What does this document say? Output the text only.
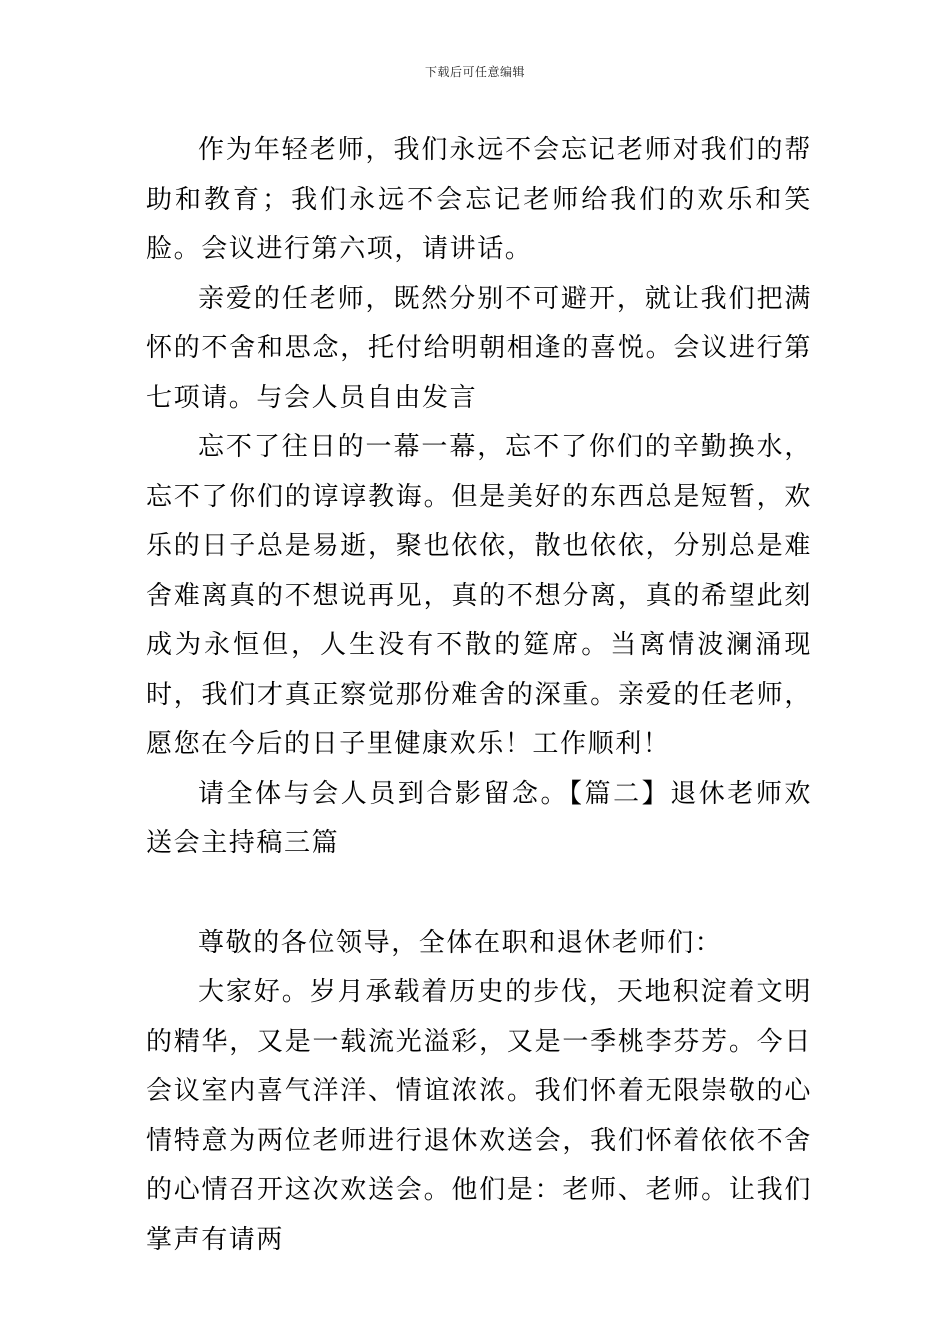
下载后可任意编辑

作为年轻老师，我们永远不会忘记老师对我们的帮助和教育；我们永远不会忘记老师给我们的欢乐和笑脸。会议进行第六项，请讲话。

亲爱的任老师，既然分别不可避开，就让我们把满怀的不舍和思念，托付给明朝相逢的喜悦。会议进行第七项请。与会人员自由发言

忘不了往日的一幕一幕，忘不了你们的辛勤换水，忘不了你们的谆谆教诲。但是美好的东西总是短暂，欢乐的日子总是易逝，聚也依依，散也依依，分别总是难舍难离真的不想说再见，真的不想分离，真的希望此刻成为永恒但，人生没有不散的筵席。当离情波澜涌现时，我们才真正察觉那份难舍的深重。亲爱的任老师，愿您在今后的日子里健康欢乐！工作顺利！

请全体与会人员到合影留念。【篇二】退休老师欢送会主持稿三篇

尊敬的各位领导，全体在职和退休老师们：

大家好。岁月承载着历史的步伐，天地积淀着文明的精华，又是一载流光溢彩，又是一季桃李芬芳。今日会议室内喜气洋洋、情谊浓浓。我们怀着无限崇敬的心情特意为两位老师进行退休欢送会，我们怀着依依不舍的心情召开这次欢送会。他们是：老师、老师。让我们掌声有请两
